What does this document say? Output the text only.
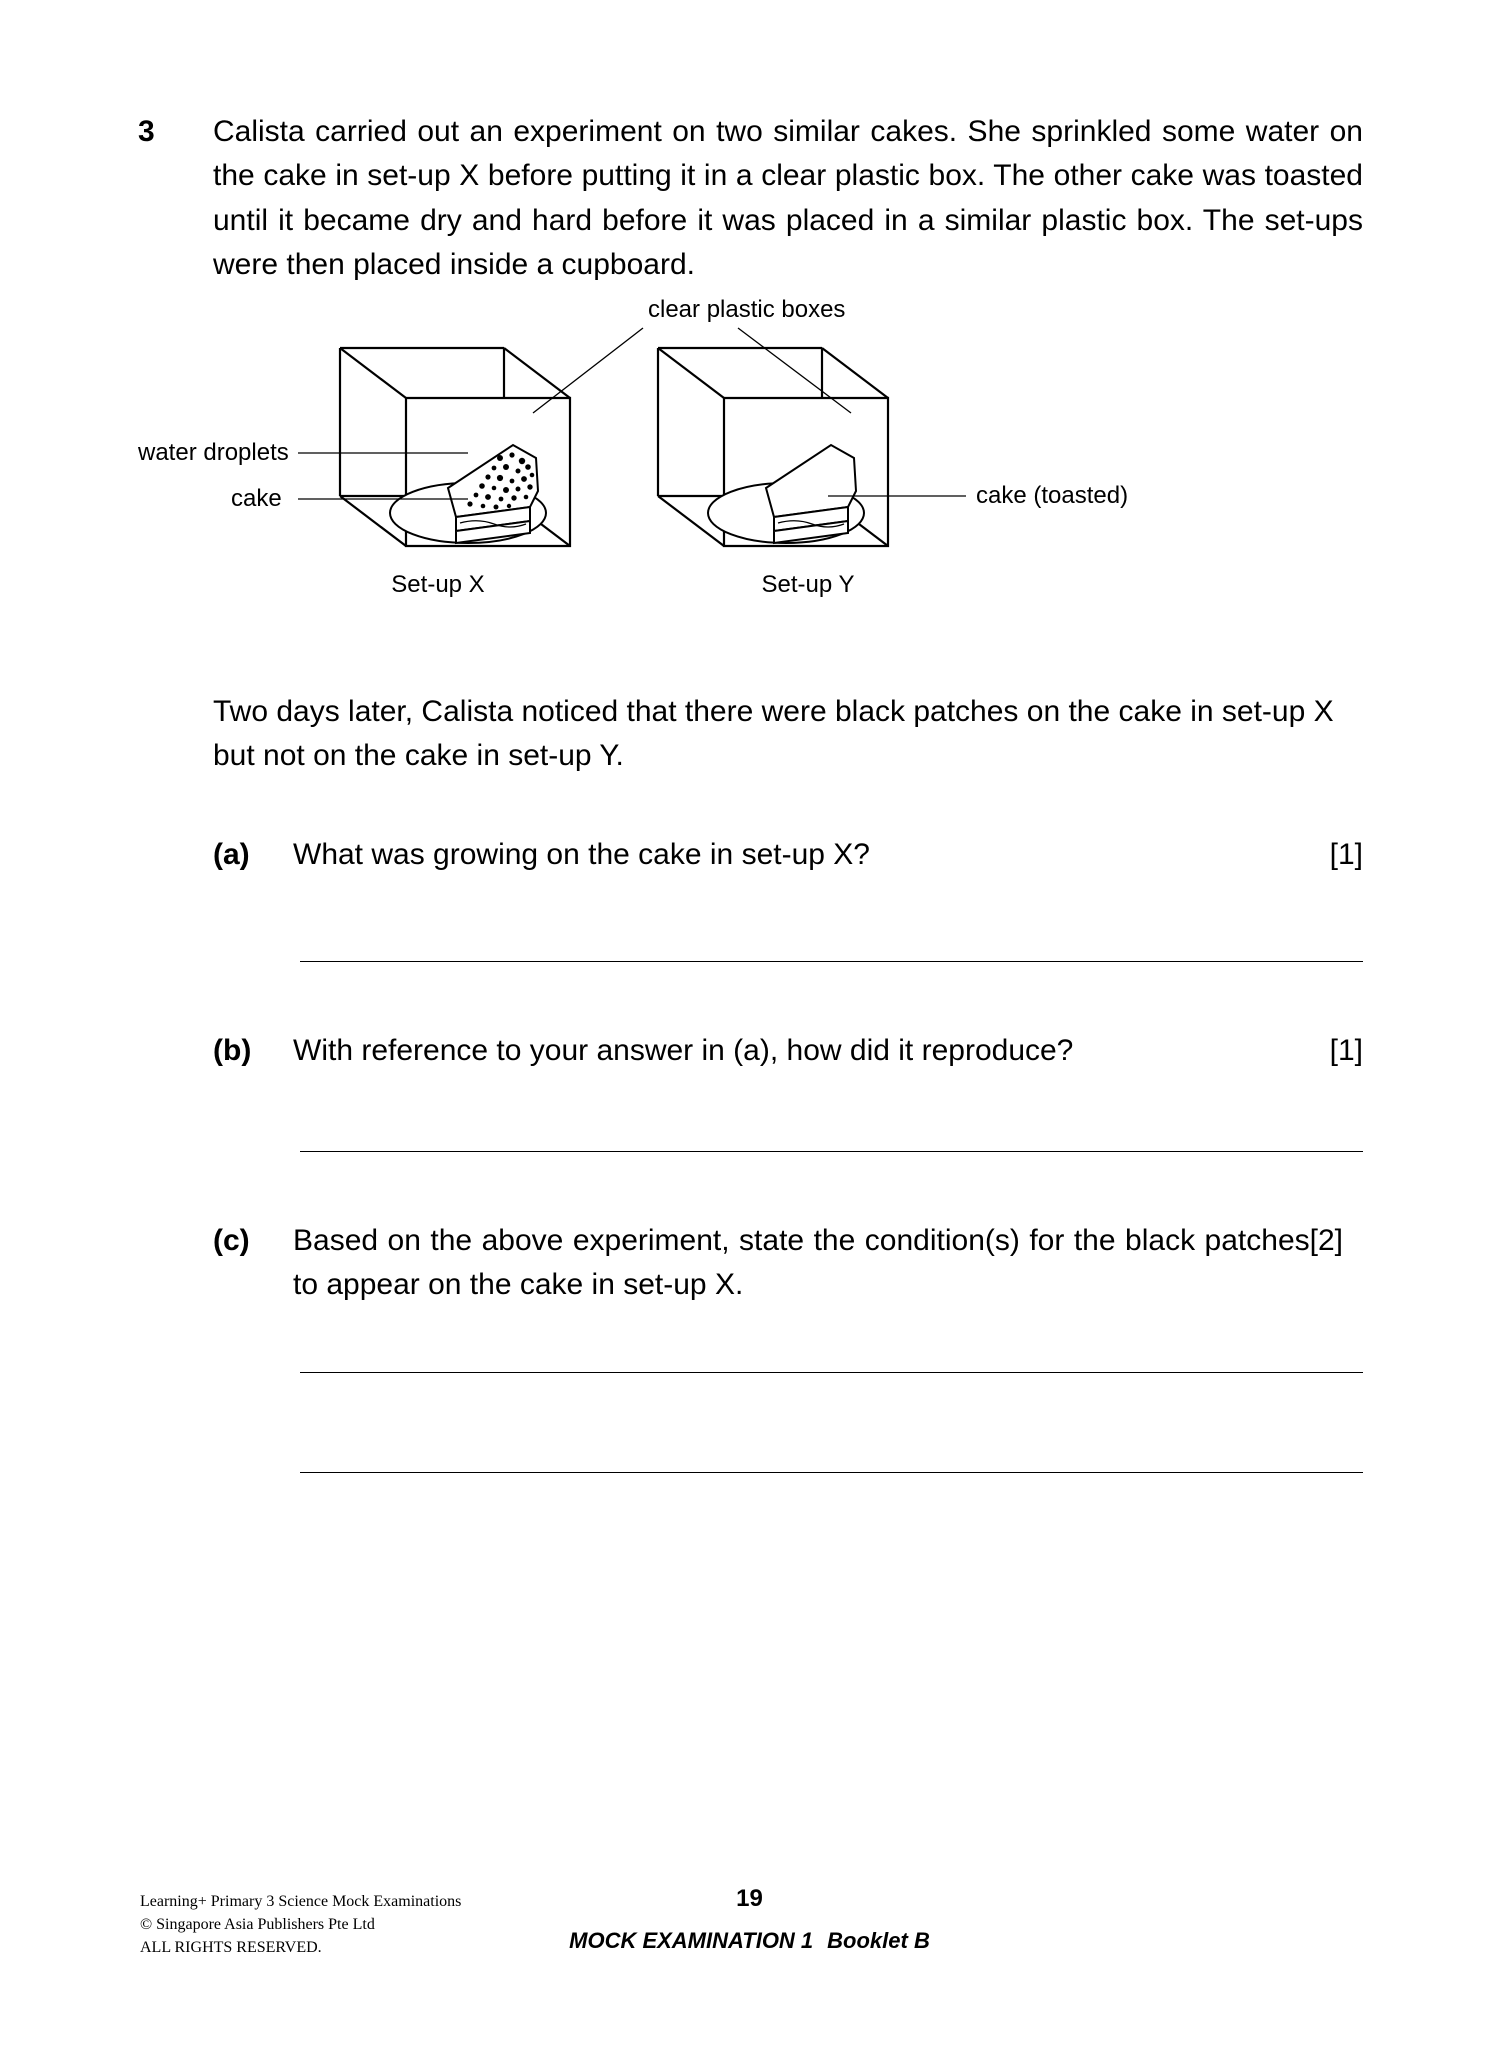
3	Calista carried out an experiment on two similar cakes. She sprinkled some water on the cake in set-up X before putting it in a clear plastic box. The other cake was toasted until it became dry and hard before it was placed in a similar plastic box. The set-ups were then placed inside a cupboard.
clear plastic boxes
water droplets
cake	cake (toasted)
Set-up X	Set-up Y
Two days later, Calista noticed that there were black patches on the cake in set-up X but not on the cake in set-up Y.
(a)	What was growing on the cake in set-up X?	[1]
(b)	With reference to your answer in (a), how did it reproduce?	[1]
(c)	[2]
Based on the above experiment, state the condition(s) for the black patches to appear on the cake in set-up X.
Learning+ Primary 3 Science Mock Examinations
© Singapore Asia Publishers Pte Ltd
ALL RIGHTS RESERVED.
19
MOCK EXAMINATION 1 Booklet B
